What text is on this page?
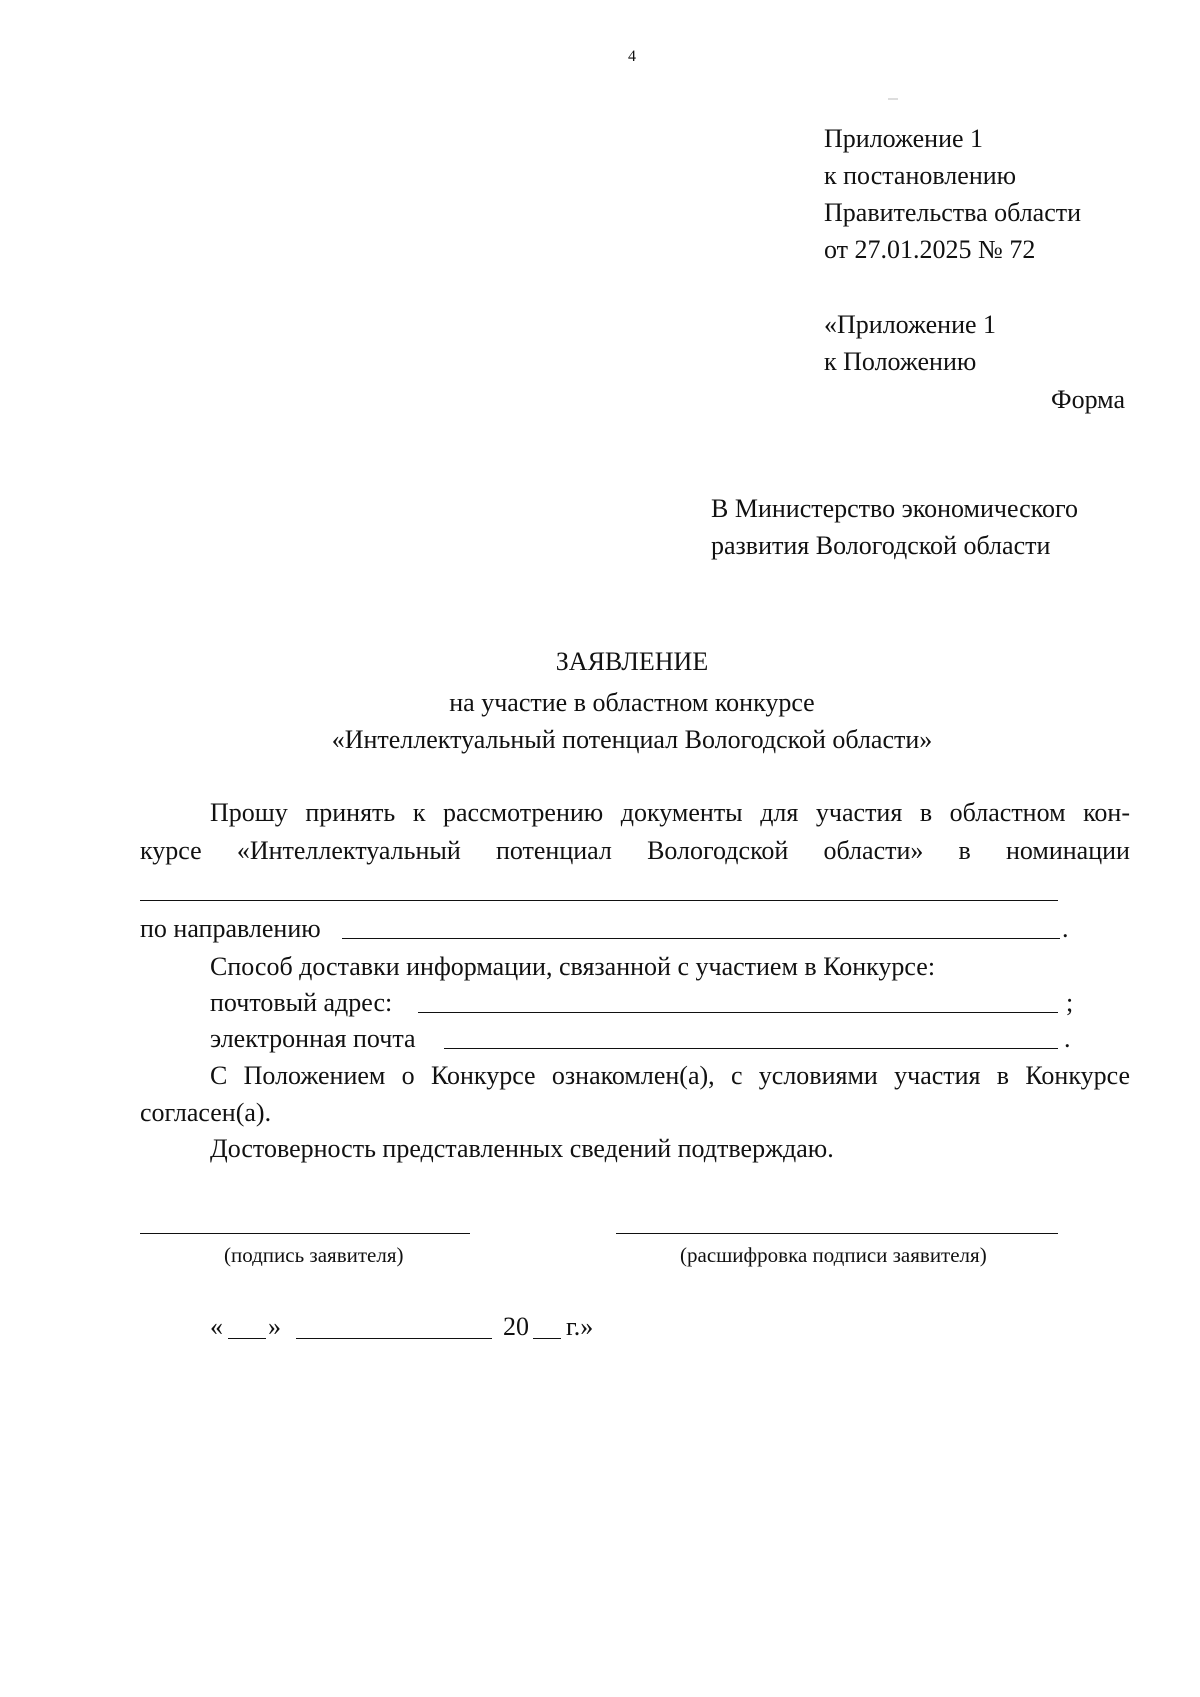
4
Приложение 1
к постановлению
Правительства области
от 27.01.2025 № 72
«Приложение 1
к Положению
Форма
В Министерство экономического
развития Вологодской области
ЗАЯВЛЕНИЕ
на участие в областном конкурсе
«Интеллектуальный потенциал Вологодской области»
Прошу принять к рассмотрению документы для участия в областном кон-
курсе «Интеллектуальный потенциал Вологодской области» в номинации
по направлению	.
Способ доставки информации, связанной с участием в Конкурсе:
почтовый адрес:	;
электронная почта	.
С Положением о Конкурсе ознакомлен(а), с условиями участия в Конкурсе
согласен(а).
Достоверность представленных сведений подтверждаю.
(подпись заявителя)	(расшифровка подписи заявителя)
« »	20 г.»
